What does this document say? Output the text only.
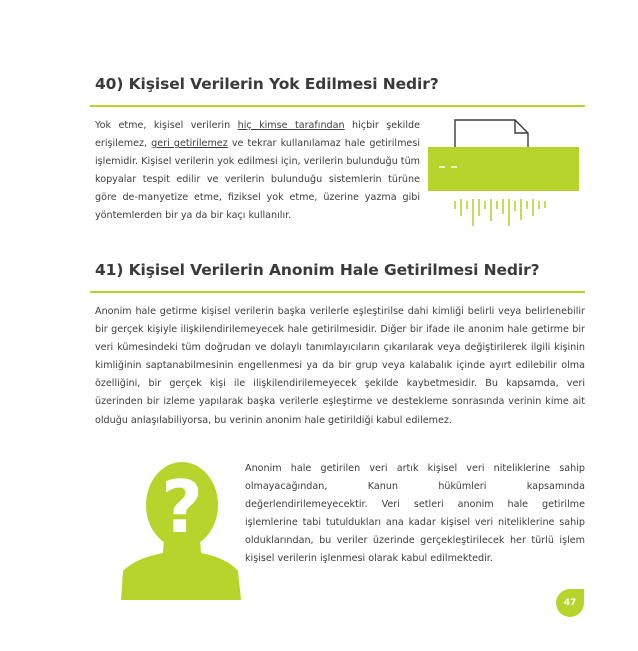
40) Kişisel Verilerin Yok Edilmesi Nedir?
Yok etme, kişisel verilerin hiç kimse tarafından hiçbir şekilde erişilemez, geri getirilemez ve tekrar kullanılamaz hale getirilmesi işlemidir. Kişisel verilerin yok edilmesi için, verilerin bulunduğu tüm kopyalar tespit edilir ve verilerin bulunduğu sistemlerin türüne göre de-manyetize etme, fiziksel yok etme, üzerine yazma gibi yöntemlerden bir ya da bir kaçı kullanılır.
41) Kişisel Verilerin Anonim Hale Getirilmesi Nedir?
Anonim hale getirme kişisel verilerin başka verilerle eşleştirilse dahi kimliği belirli veya belirlenebilir bir gerçek kişiyle ilişkilendirilemeyecek hale getirilmesidir. Diğer bir ifade ile anonim hale getirme bir veri kümesindeki tüm doğrudan ve dolaylı tanımlayıcıların çıkarılarak veya değiştirilerek ilgili kişinin kimliğinin saptanabilmesinin engellenmesi ya da bir grup veya kalabalık içinde ayırt edilebilir olma özelliğini, bir gerçek kişi ile ilişkilendirilemeyecek şekilde kaybetmesidir. Bu kapsamda, veri üzerinden bir izleme yapılarak başka verilerle eşleştirme ve destekleme sonrasında verinin kime ait olduğu anlaşılabiliyorsa, bu verinin anonim hale getirildiği kabul edilemez.
?	Anonim hale getirilen veri artık kişisel veri niteliklerine sahip olmayacağından, Kanun hükümleri kapsamında değerlendirilemeyecektir. Veri setleri anonim hale getirilme işlemlerine tabi tutuldukları ana kadar kişisel veri niteliklerine sahip olduklarından, bu veriler üzerinde gerçekleştirilecek her türlü işlem kişisel verilerin işlenmesi olarak kabul edilmektedir.
47
